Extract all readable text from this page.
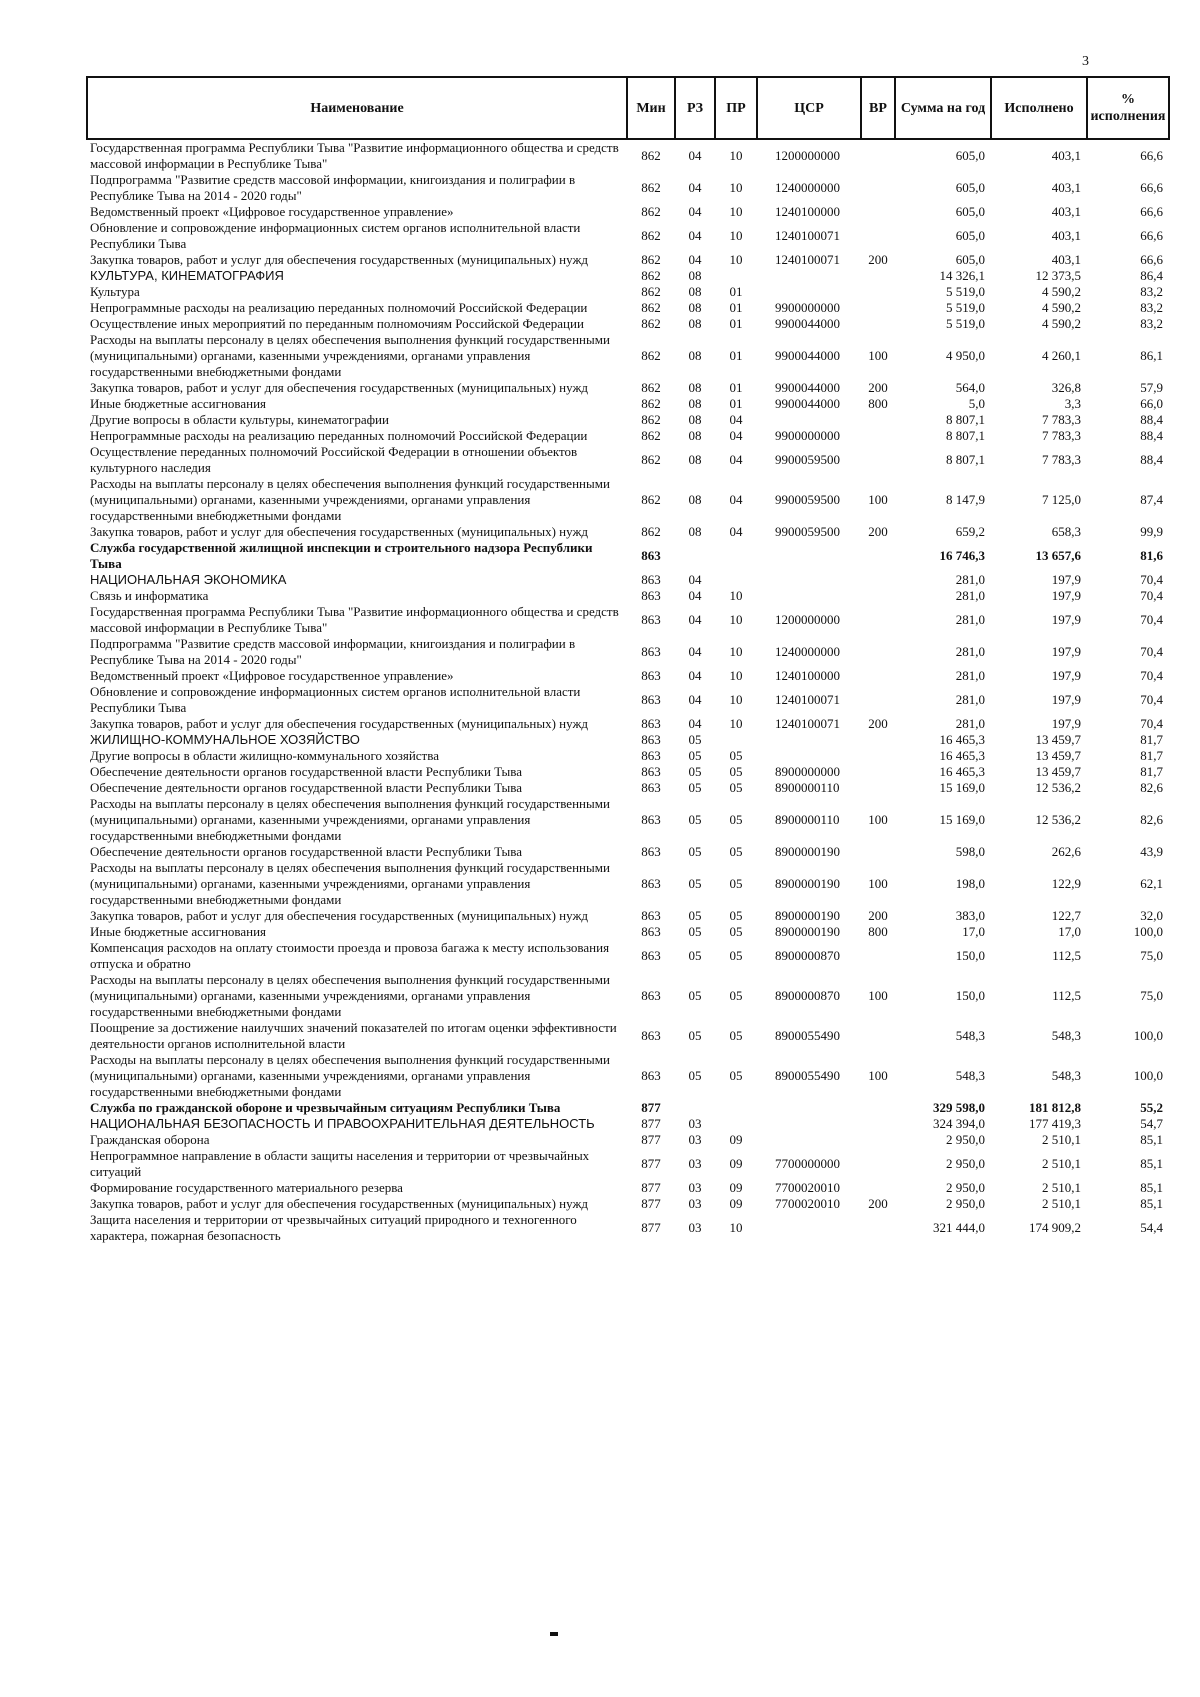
3
Наименование	Мин	РЗ	ПР	ЦСР	ВР	Сумма на год	Исполнено	% исполнения
Государственная программа Республики Тыва "Развитие информационного общества и средств массовой информации в Республике Тыва"	862	04	10	1200000000		605,0	403,1	66,6
Подпрограмма "Развитие средств массовой информации, книгоиздания и полиграфии в Республике Тыва на 2014 - 2020 годы"	862	04	10	1240000000		605,0	403,1	66,6
Ведомственный проект «Цифровое государственное управление»	862	04	10	1240100000		605,0	403,1	66,6
Обновление и сопровождение информационных систем органов исполнительной власти Республики Тыва	862	04	10	1240100071		605,0	403,1	66,6
Закупка товаров, работ и услуг для обеспечения государственных (муниципальных) нужд	862	04	10	1240100071	200	605,0	403,1	66,6
КУЛЬТУРА, КИНЕМАТОГРАФИЯ	862	08				14 326,1	12 373,5	86,4
Культура	862	08	01			5 519,0	4 590,2	83,2
Непрограммные расходы на реализацию переданных полномочий Российской Федерации	862	08	01	9900000000		5 519,0	4 590,2	83,2
Осуществление иных мероприятий по переданным полномочиям Российской Федерации	862	08	01	9900044000		5 519,0	4 590,2	83,2
Расходы на выплаты персоналу в целях обеспечения выполнения функций государственными (муниципальными) органами, казенными учреждениями, органами управления государственными внебюджетными фондами	862	08	01	9900044000	100	4 950,0	4 260,1	86,1
Закупка товаров, работ и услуг для обеспечения государственных (муниципальных) нужд	862	08	01	9900044000	200	564,0	326,8	57,9
Иные бюджетные ассигнования	862	08	01	9900044000	800	5,0	3,3	66,0
Другие вопросы в области культуры, кинематографии	862	08	04			8 807,1	7 783,3	88,4
Непрограммные расходы на реализацию переданных полномочий Российской Федерации	862	08	04	9900000000		8 807,1	7 783,3	88,4
Осуществление переданных полномочий Российской Федерации в отношении объектов культурного наследия	862	08	04	9900059500		8 807,1	7 783,3	88,4
Расходы на выплаты персоналу в целях обеспечения выполнения функций государственными (муниципальными) органами, казенными учреждениями, органами управления государственными внебюджетными фондами	862	08	04	9900059500	100	8 147,9	7 125,0	87,4
Закупка товаров, работ и услуг для обеспечения государственных (муниципальных) нужд	862	08	04	9900059500	200	659,2	658,3	99,9
Служба государственной жилищной инспекции и строительного надзора Республики Тыва	863					16 746,3	13 657,6	81,6
НАЦИОНАЛЬНАЯ ЭКОНОМИКА	863	04				281,0	197,9	70,4
Связь и информатика	863	04	10			281,0	197,9	70,4
Государственная программа Республики Тыва "Развитие информационного общества и средств массовой информации в Республике Тыва"	863	04	10	1200000000		281,0	197,9	70,4
Подпрограмма "Развитие средств массовой информации, книгоиздания и полиграфии в Республике Тыва на 2014 - 2020 годы"	863	04	10	1240000000		281,0	197,9	70,4
Ведомственный проект «Цифровое государственное управление»	863	04	10	1240100000		281,0	197,9	70,4
Обновление и сопровождение информационных систем органов исполнительной власти Республики Тыва	863	04	10	1240100071		281,0	197,9	70,4
Закупка товаров, работ и услуг для обеспечения государственных (муниципальных) нужд	863	04	10	1240100071	200	281,0	197,9	70,4
ЖИЛИЩНО-КОММУНАЛЬНОЕ ХОЗЯЙСТВО	863	05				16 465,3	13 459,7	81,7
Другие вопросы в области жилищно-коммунального хозяйства	863	05	05			16 465,3	13 459,7	81,7
Обеспечение деятельности органов государственной власти Республики Тыва	863	05	05	8900000000		16 465,3	13 459,7	81,7
Обеспечение деятельности органов государственной власти Республики Тыва	863	05	05	8900000110		15 169,0	12 536,2	82,6
Расходы на выплаты персоналу в целях обеспечения выполнения функций государственными (муниципальными) органами, казенными учреждениями, органами управления государственными внебюджетными фондами	863	05	05	8900000110	100	15 169,0	12 536,2	82,6
Обеспечение деятельности органов государственной власти Республики Тыва	863	05	05	8900000190		598,0	262,6	43,9
Расходы на выплаты персоналу в целях обеспечения выполнения функций государственными (муниципальными) органами, казенными учреждениями, органами управления государственными внебюджетными фондами	863	05	05	8900000190	100	198,0	122,9	62,1
Закупка товаров, работ и услуг для обеспечения государственных (муниципальных) нужд	863	05	05	8900000190	200	383,0	122,7	32,0
Иные бюджетные ассигнования	863	05	05	8900000190	800	17,0	17,0	100,0
Компенсация расходов на оплату стоимости проезда и провоза багажа к месту использования отпуска и обратно	863	05	05	8900000870		150,0	112,5	75,0
Расходы на выплаты персоналу в целях обеспечения выполнения функций государственными (муниципальными) органами, казенными учреждениями, органами управления государственными внебюджетными фондами	863	05	05	8900000870	100	150,0	112,5	75,0
Поощрение за достижение наилучших значений показателей по итогам оценки эффективности деятельности органов исполнительной власти	863	05	05	8900055490		548,3	548,3	100,0
Расходы на выплаты персоналу в целях обеспечения выполнения функций государственными (муниципальными) органами, казенными учреждениями, органами управления государственными внебюджетными фондами	863	05	05	8900055490	100	548,3	548,3	100,0
Служба по гражданской обороне и чрезвычайным ситуациям Республики Тыва	877					329 598,0	181 812,8	55,2
НАЦИОНАЛЬНАЯ БЕЗОПАСНОСТЬ И ПРАВООХРАНИТЕЛЬНАЯ ДЕЯТЕЛЬНОСТЬ	877	03				324 394,0	177 419,3	54,7
Гражданская оборона	877	03	09			2 950,0	2 510,1	85,1
Непрограммное направление в области защиты населения и территории от чрезвычайных ситуаций	877	03	09	7700000000		2 950,0	2 510,1	85,1
Формирование государственного материального резерва	877	03	09	7700020010		2 950,0	2 510,1	85,1
Закупка товаров, работ и услуг для обеспечения государственных (муниципальных) нужд	877	03	09	7700020010	200	2 950,0	2 510,1	85,1
Защита населения и территории от чрезвычайных ситуаций природного и техногенного характера, пожарная безопасность	877	03	10			321 444,0	174 909,2	54,4
